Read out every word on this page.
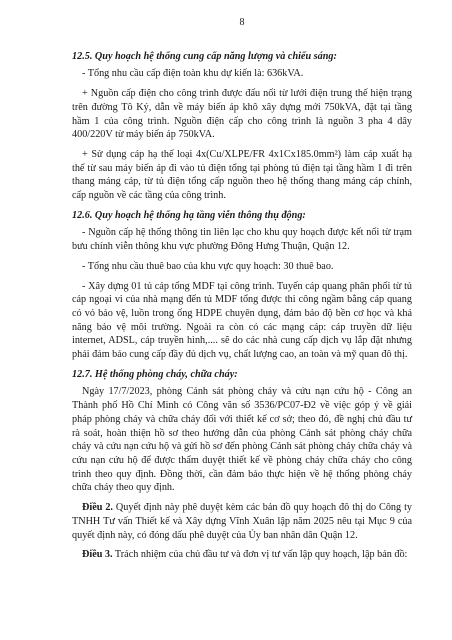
8

12.5. Quy hoạch hệ thống cung cấp năng lượng và chiếu sáng:

- Tổng nhu cầu cấp điện toàn khu dự kiến là: 636kVA.

+ Nguồn cấp điện cho công trình được đấu nối từ lưới điện trung thế hiện trạng trên đường Tô Ký, dẫn về máy biến áp khô xây dựng mới 750kVA, đặt tại tầng hầm 1 của công trình. Nguồn điện cấp cho công trình là nguồn 3 pha 4 dây 400/220V từ máy biến áp 750kVA.

+ Sử dụng cáp hạ thế loại 4x(Cu/XLPE/FR 4x1Cx185.0mm²) làm cáp xuất hạ thế từ sau máy biến áp đi vào tủ điện tổng tại phòng tủ điện tại tầng hầm 1 đi trên thang máng cáp, từ tủ điện tổng cấp nguồn theo hệ thống thang máng cáp chính, cấp nguồn về các tầng của công trình.

12.6. Quy hoạch hệ thống hạ tầng viễn thông thụ động:

- Nguồn cấp hệ thống thông tin liên lạc cho khu quy hoạch được kết nối từ trạm bưu chính viễn thông khu vực phường Đông Hưng Thuận, Quận 12.

- Tổng nhu cầu thuê bao của khu vực quy hoạch: 30 thuê bao.

- Xây dựng 01 tủ cáp tổng MDF tại công trình. Tuyến cáp quang phân phối từ tủ cáp ngoại vi của nhà mạng đến tủ MDF tổng được thi công ngầm bằng cáp quang có vỏ bảo vệ, luồn trong ống HDPE chuyên dụng, đảm bảo độ bền cơ học và khả năng bảo vệ môi trường. Ngoài ra còn có các mạng cáp: cáp truyền dữ liệu internet, ADSL, cáp truyền hình,.... sẽ do các nhà cung cấp dịch vụ lắp đặt nhưng phải đảm bảo cung cấp đầy đủ dịch vụ, chất lượng cao, an toàn và mỹ quan đô thị.

12.7. Hệ thống phòng cháy, chữa cháy:

Ngày 17/7/2023, phòng Cảnh sát phòng cháy và cứu nạn cứu hộ - Công an Thành phố Hồ Chí Minh có Công văn số 3536/PC07-Đ2 về việc góp ý về giải pháp phòng cháy và chữa cháy đối với thiết kế cơ sở; theo đó, đề nghị chủ đầu tư rà soát, hoàn thiện hồ sơ theo hướng dẫn của phòng Cảnh sát phòng cháy chữa cháy và cứu nạn cứu hộ và gửi hồ sơ đến phòng Cảnh sát phòng cháy chữa cháy và cứu nạn cứu hộ để được thẩm duyệt thiết kế về phòng cháy chữa cháy cho công trình theo quy định. Đồng thời, cần đảm bảo thực hiện về hệ thống phòng cháy chữa cháy theo quy định.

Điều 2. Quyết định này phê duyệt kèm các bản đồ quy hoạch đô thị do Công ty TNHH Tư vấn Thiết kế và Xây dựng Vĩnh Xuân lập năm 2025 nêu tại Mục 9 của quyết định này, có đóng dấu phê duyệt của Ủy ban nhân dân Quận 12.

Điều 3. Trách nhiệm của chủ đầu tư và đơn vị tư vấn lập quy hoạch, lập bản đồ:
